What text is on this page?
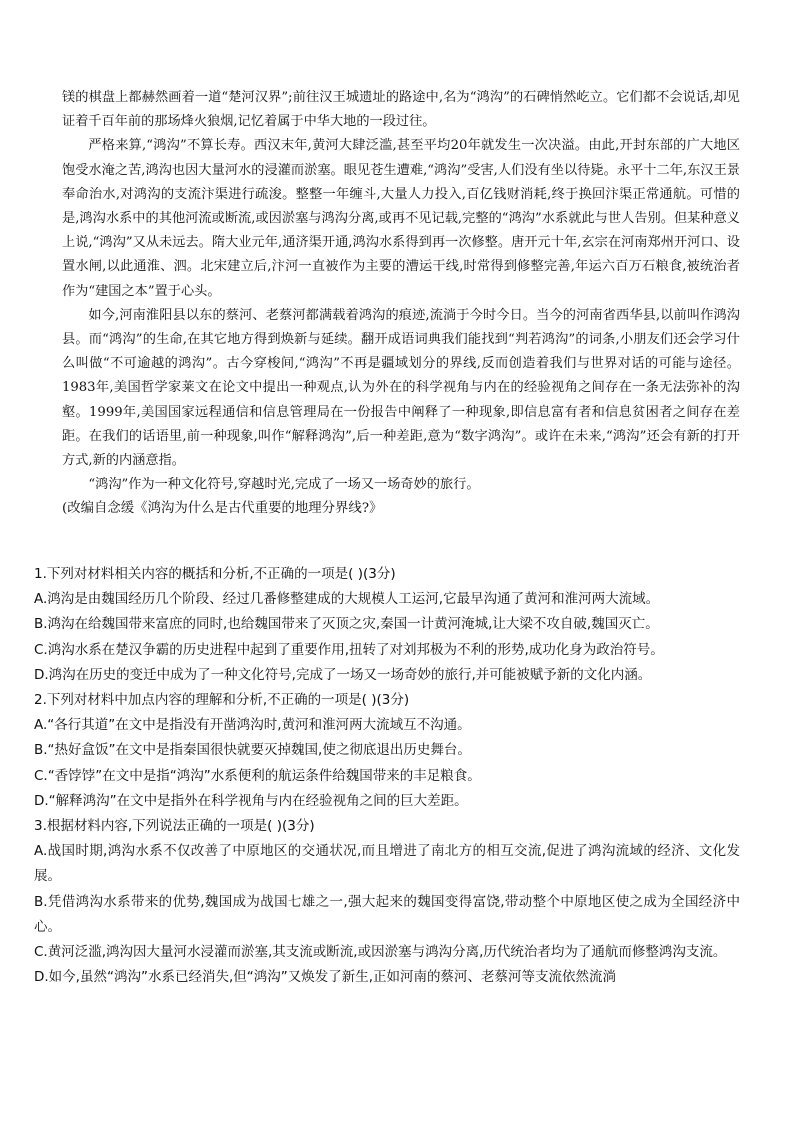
镁的棋盘上都赫然画着一道“楚河汉界”;前往汉王城遗址的路途中,名为“鸿沟”的石碑悄然屹立。它们都不会说话,却见证着千百年前的那场烽火狼烟,记忆着属于中华大地的一段过往。

严格来算,“鸿沟”不算长寿。西汉末年,黄河大肆泛滥,甚至平均20年就发生一次决溢。由此,开封东部的广大地区饱受水淹之苦,鸿沟也因大量河水的浸灌而淤塞。眼见苍生遭难,“鸿沟”受害,人们没有坐以待毙。永平十二年,东汉王景奉命治水,对鸿沟的支流汴渠进行疏浚。整整一年缠斗,大量人力投入,百亿钱财消耗,终于换回汴渠正常通航。可惜的是,鸿沟水系中的其他河流或断流,或因淤塞与鸿沟分离,或再不见记载,完整的“鸿沟”水系就此与世人告别。但某种意义上说,“鸿沟”又从未远去。隋大业元年,通济渠开通,鸿沟水系得到再一次修整。唐开元十年,玄宗在河南郑州开河口、设置水闸,以此通淮、泗。北宋建立后,汴河一直被作为主要的漕运干线,时常得到修整完善,年运六百万石粮食,被统治者作为“建国之本”置于心头。

如今,河南淮阳县以东的蔡河、老蔡河都满载着鸿沟的痕迹,流淌于今时今日。当今的河南省西华县,以前叫作鸿沟县。而“鸿沟”的生命,在其它地方得到焕新与延续。翻开成语词典我们能找到“判若鸿沟”的词条,小朋友们还会学习什么叫做“不可逾越的鸿沟”。古今穿梭间,“鸿沟”不再是疆域划分的界线,反而创造着我们与世界对话的可能与途径。1983年,美国哲学家莱文在论文中提出一种观点,认为外在的科学视角与内在的经验视角之间存在一条无法弥补的沟壑。1999年,美国国家远程通信和信息管理局在一份报告中阐释了一种现象,即信息富有者和信息贫困者之间存在差距。在我们的话语里,前一种现象,叫作“解释鸿沟”,后一种差距,意为“数字鸿沟”。或许在未来,“鸿沟”还会有新的打开方式,新的内涵意指。

“鸿沟”作为一种文化符号,穿越时光,完成了一场又一场奇妙的旅行。

(改编自念缓《鸿沟为什么是古代重要的地理分界线?》

1.下列对材料相关内容的概括和分析,不正确的一项是( )(3分)

A.鸿沟是由魏国经历几个阶段、经过几番修整建成的大规模人工运河,它最早沟通了黄河和淮河两大流域。

B.鸿沟在给魏国带来富庶的同时,也给魏国带来了灭顶之灾,秦国一计黄河淹城,让大梁不攻自破,魏国灭亡。

C.鸿沟水系在楚汉争霸的历史进程中起到了重要作用,扭转了对刘邦极为不利的形势,成功化身为政治符号。

D.鸿沟在历史的变迁中成为了一种文化符号,完成了一场又一场奇妙的旅行,并可能被赋予新的文化内涵。

2.下列对材料中加点内容的理解和分析,不正确的一项是( )(3分)

A.“各行其道”在文中是指没有开凿鸿沟时,黄河和淮河两大流域互不沟通。

B.“热好盒饭”在文中是指秦国很快就要灭掉魏国,使之彻底退出历史舞台。

C.“香饽饽”在文中是指“鸿沟”水系便利的航运条件给魏国带来的丰足粮食。

D.“解释鸿沟”在文中是指外在科学视角与内在经验视角之间的巨大差距。

3.根据材料内容,下列说法正确的一项是( )(3分)

A.战国时期,鸿沟水系不仅改善了中原地区的交通状况,而且增进了南北方的相互交流,促进了鸿沟流域的经济、文化发展。

B.凭借鸿沟水系带来的优势,魏国成为战国七雄之一,强大起来的魏国变得富饶,带动整个中原地区使之成为全国经济中心。

C.黄河泛滥,鸿沟因大量河水浸灌而淤塞,其支流或断流,或因淤塞与鸿沟分离,历代统治者均为了通航而修整鸿沟支流。

D.如今,虽然“鸿沟”水系已经消失,但“鸿沟”又焕发了新生,正如河南的蔡河、老蔡河等支流依然流淌
